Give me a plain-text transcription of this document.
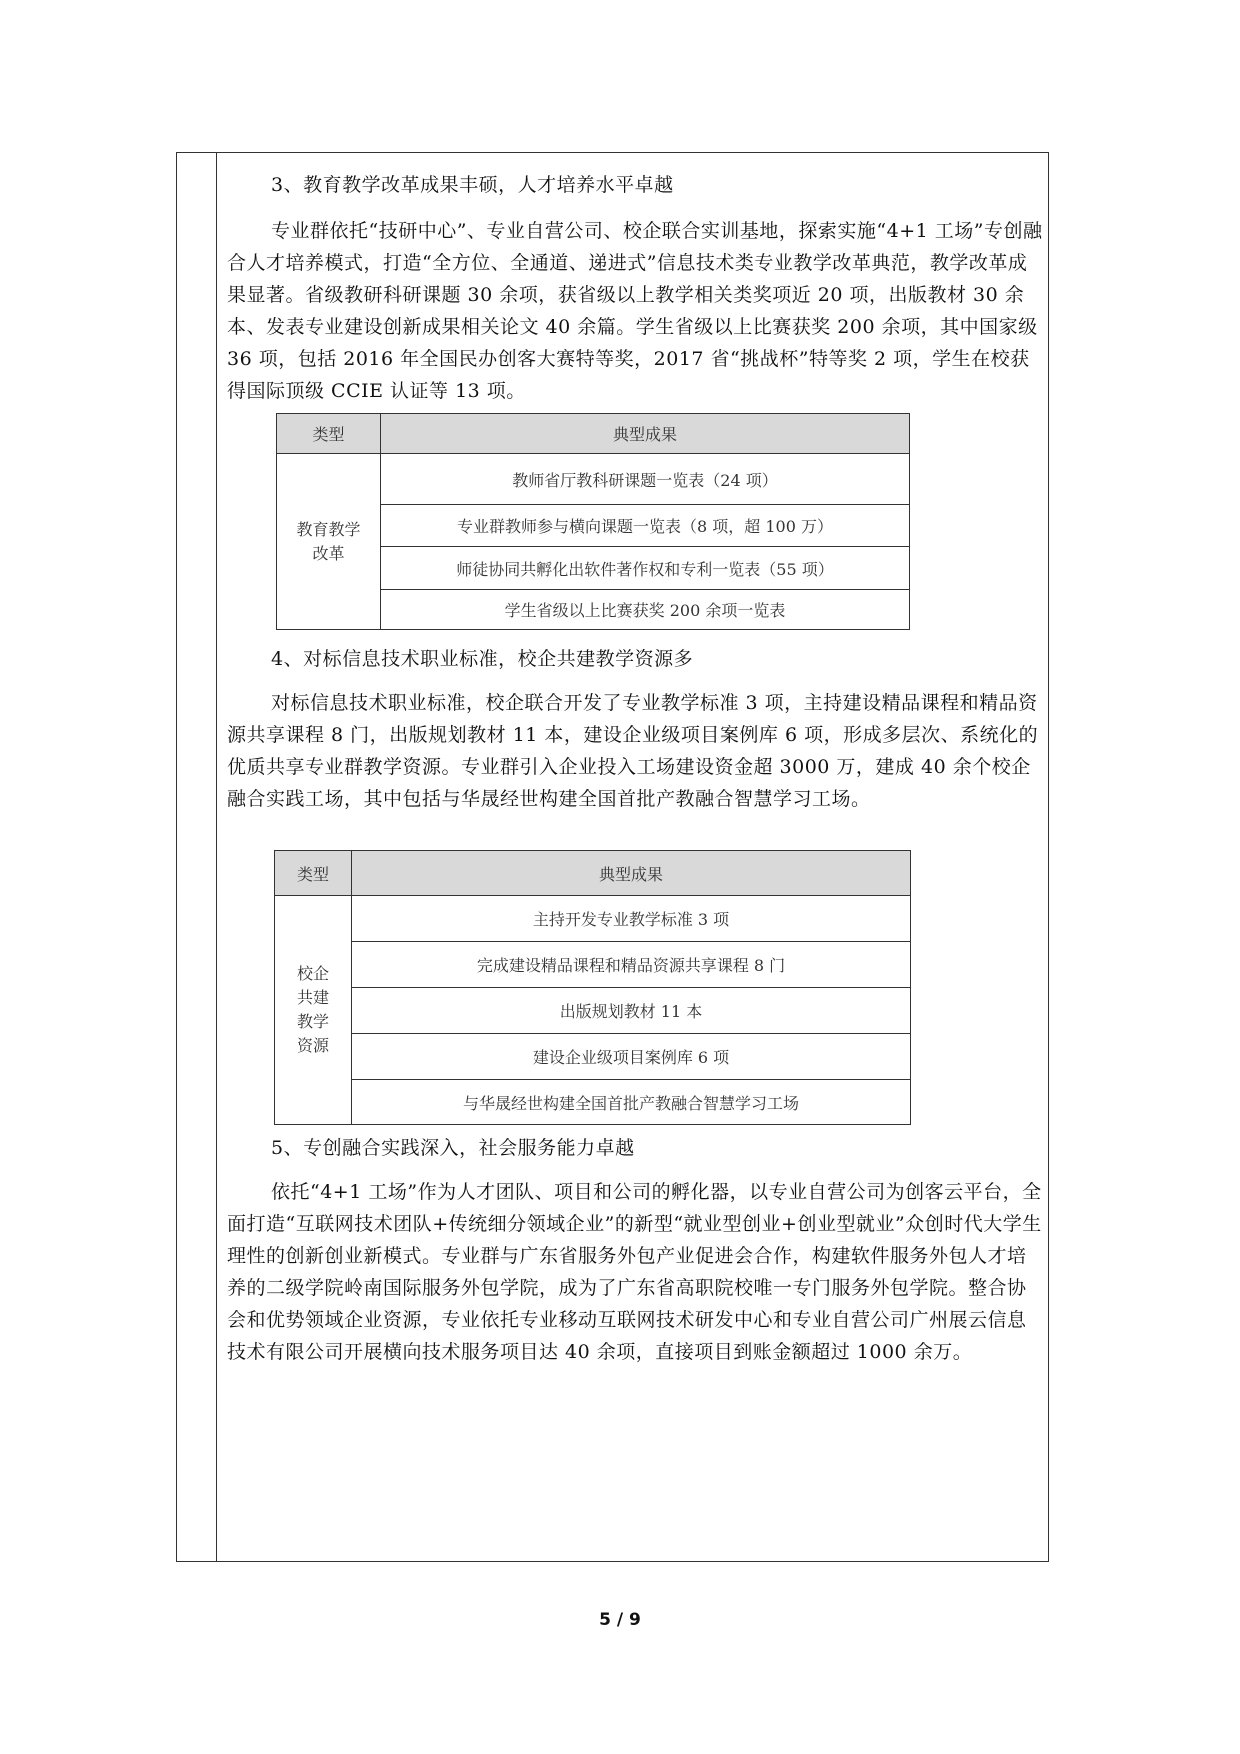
3、教育教学改革成果丰硕，人才培养水平卓越
专业群依托“技研中心”、专业自营公司、校企联合实训基地，探索实施“4+1 工场”专创融合人才培养模式，打造“全方位、全通道、递进式”信息技术类专业教学改革典范，教学改革成果显著。省级教研科研课题 30 余项，获省级以上教学相关类奖项近 20 项，出版教材 30 余本、发表专业建设创新成果相关论文 40 余篇。学生省级以上比赛获奖 200 余项，其中国家级 36 项，包括 2016 年全国民办创客大赛特等奖，2017 省“挑战杯”特等奖 2 项，学生在校获得国际顶级 CCIE 认证等 13 项。
类型	典型成果
教育教学改革	教师省厅教科研课题一览表（24 项）
	专业群教师参与横向课题一览表（8 项，超 100 万）
	师徒协同共孵化出软件著作权和专利一览表（55 项）
	学生省级以上比赛获奖 200 余项一览表
4、对标信息技术职业标准，校企共建教学资源多
对标信息技术职业标准，校企联合开发了专业教学标准 3 项，主持建设精品课程和精品资源共享课程 8 门，出版规划教材 11 本，建设企业级项目案例库 6 项，形成多层次、系统化的优质共享专业群教学资源。专业群引入企业投入工场建设资金超 3000 万，建成 40 余个校企融合实践工场，其中包括与华晟经世构建全国首批产教融合智慧学习工场。
类型	典型成果
校企共建教学资源	主持开发专业教学标准 3 项
	完成建设精品课程和精品资源共享课程 8 门
	出版规划教材 11 本
	建设企业级项目案例库 6 项
	与华晟经世构建全国首批产教融合智慧学习工场
5、专创融合实践深入，社会服务能力卓越
依托“4+1 工场”作为人才团队、项目和公司的孵化器，以专业自营公司为创客云平台，全面打造“互联网技术团队+传统细分领域企业”的新型“就业型创业+创业型就业”众创时代大学生理性的创新创业新模式。专业群与广东省服务外包产业促进会合作，构建软件服务外包人才培养的二级学院岭南国际服务外包学院，成为了广东省高职院校唯一专门服务外包学院。整合协会和优势领域企业资源，专业依托专业移动互联网技术研发中心和专业自营公司广州展云信息技术有限公司开展横向技术服务项目达 40 余项，直接项目到账金额超过 1000 余万。
5 / 9
